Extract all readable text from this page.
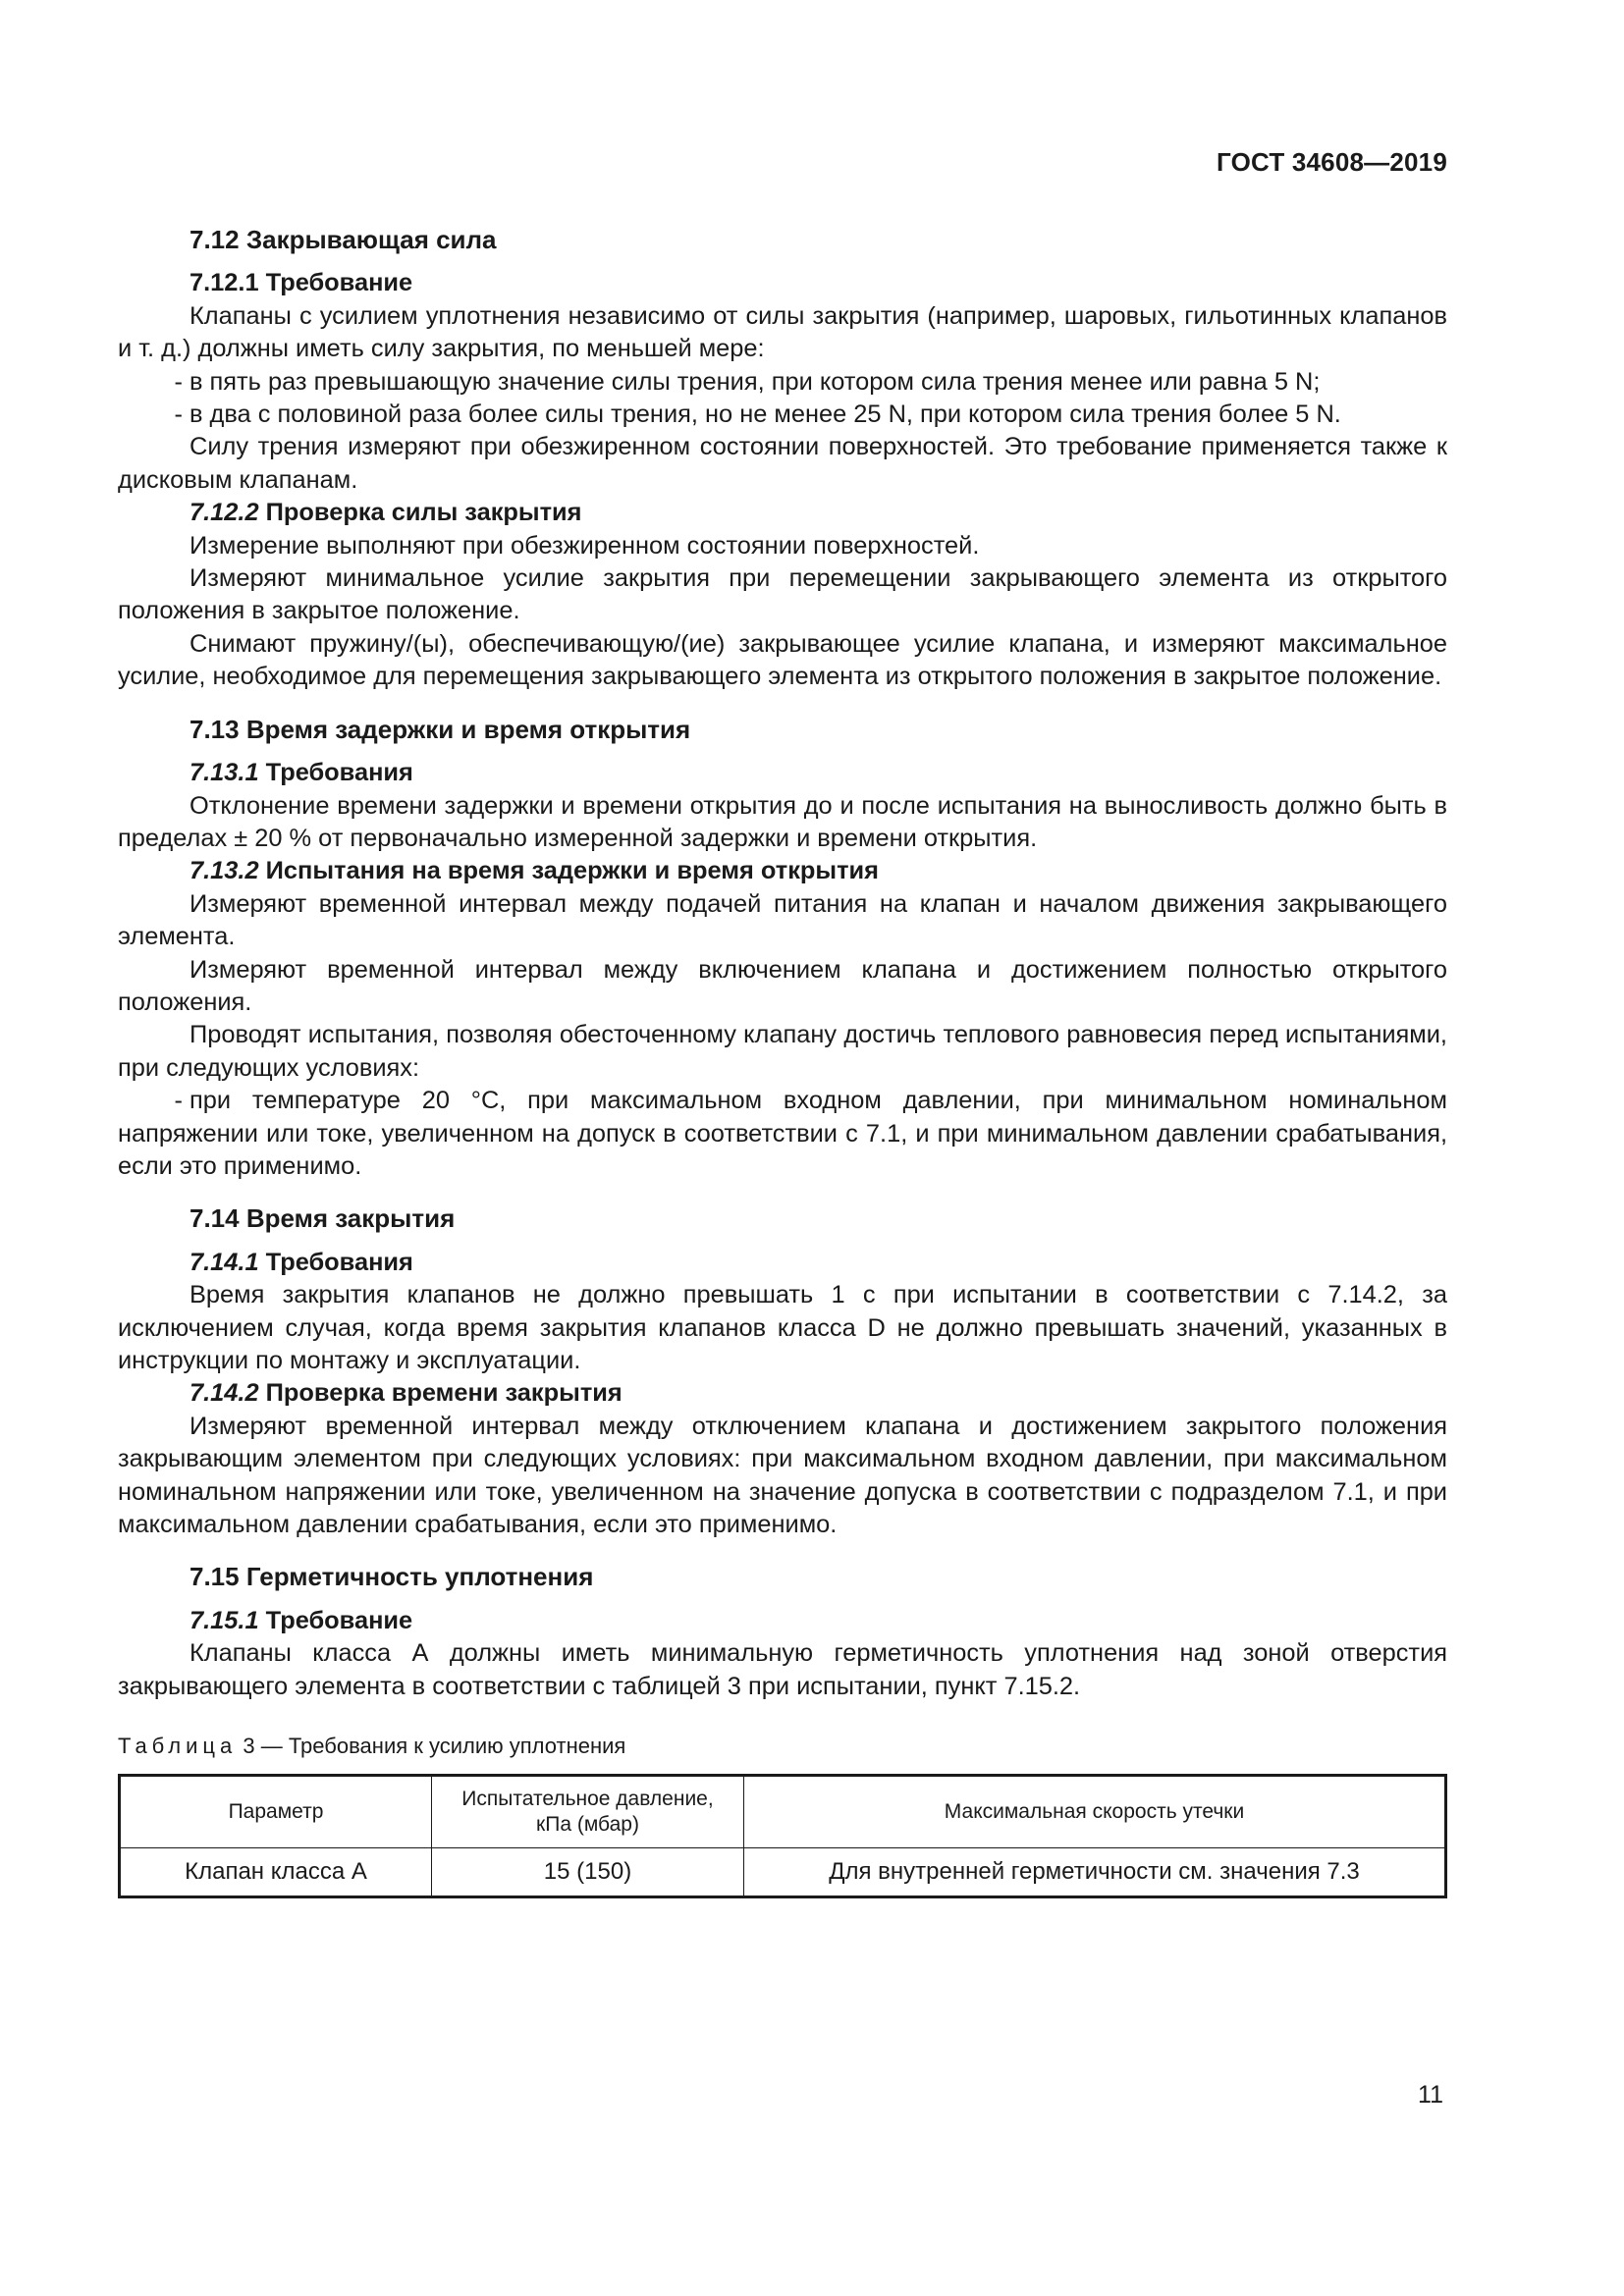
ГОСТ 34608—2019
7.12 Закрывающая сила
7.12.1 Требование

Клапаны с усилием уплотнения независимо от силы закрытия (например, шаровых, гильотинных клапанов и т. д.) должны иметь силу закрытия, по меньшей мере:

- в пять раз превышающую значение силы трения, при котором сила трения менее или равна 5 N;

- в два с половиной раза более силы трения, но не менее 25 N, при котором сила трения более 5 N.

Силу трения измеряют при обезжиренном состоянии поверхностей. Это требование применяется также к дисковым клапанам.

7.12.2 Проверка силы закрытия

Измерение выполняют при обезжиренном состоянии поверхностей.

Измеряют минимальное усилие закрытия при перемещении закрывающего элемента из открытого положения в закрытое положение.

Снимают пружину/(ы), обеспечивающую/(ие) закрывающее усилие клапана, и измеряют максимальное усилие, необходимое для перемещения закрывающего элемента из открытого положения в закрытое положение.

7.13 Время задержки и время открытия
7.13.1 Требования

Отклонение времени задержки и времени открытия до и после испытания на выносливость должно быть в пределах ± 20 % от первоначально измеренной задержки и времени открытия.

7.13.2 Испытания на время задержки и время открытия

Измеряют временной интервал между подачей питания на клапан и началом движения закрывающего элемента.

Измеряют временной интервал между включением клапана и достижением полностью открытого положения.

Проводят испытания, позволяя обесточенному клапану достичь теплового равновесия перед испытаниями, при следующих условиях:

- при температуре 20 °С, при максимальном входном давлении, при минимальном номинальном напряжении или токе, увеличенном на допуск в соответствии с 7.1, и при минимальном давлении срабатывания, если это применимо.

7.14 Время закрытия
7.14.1 Требования

Время закрытия клапанов не должно превышать 1 с при испытании в соответствии с 7.14.2, за исключением случая, когда время закрытия клапанов класса D не должно превышать значений, указанных в инструкции по монтажу и эксплуатации.

7.14.2 Проверка времени закрытия

Измеряют временной интервал между отключением клапана и достижением закрытого положения закрывающим элементом при следующих условиях: при максимальном входном давлении, при максимальном номинальном напряжении или токе, увеличенном на значение допуска в соответствии с подразделом 7.1, и при максимальном давлении срабатывания, если это применимо.

7.15 Герметичность уплотнения
7.15.1 Требование

Клапаны класса А должны иметь минимальную герметичность уплотнения над зоной отверстия закрывающего элемента в соответствии с таблицей 3 при испытании, пункт 7.15.2.

Таблица 3 — Требования к усилию уплотнения
Параметр	Испытательное давление, кПа (мбар)	Максимальная скорость утечки
Клапан класса А	15 (150)	Для внутренней герметичности см. значения 7.3
11
